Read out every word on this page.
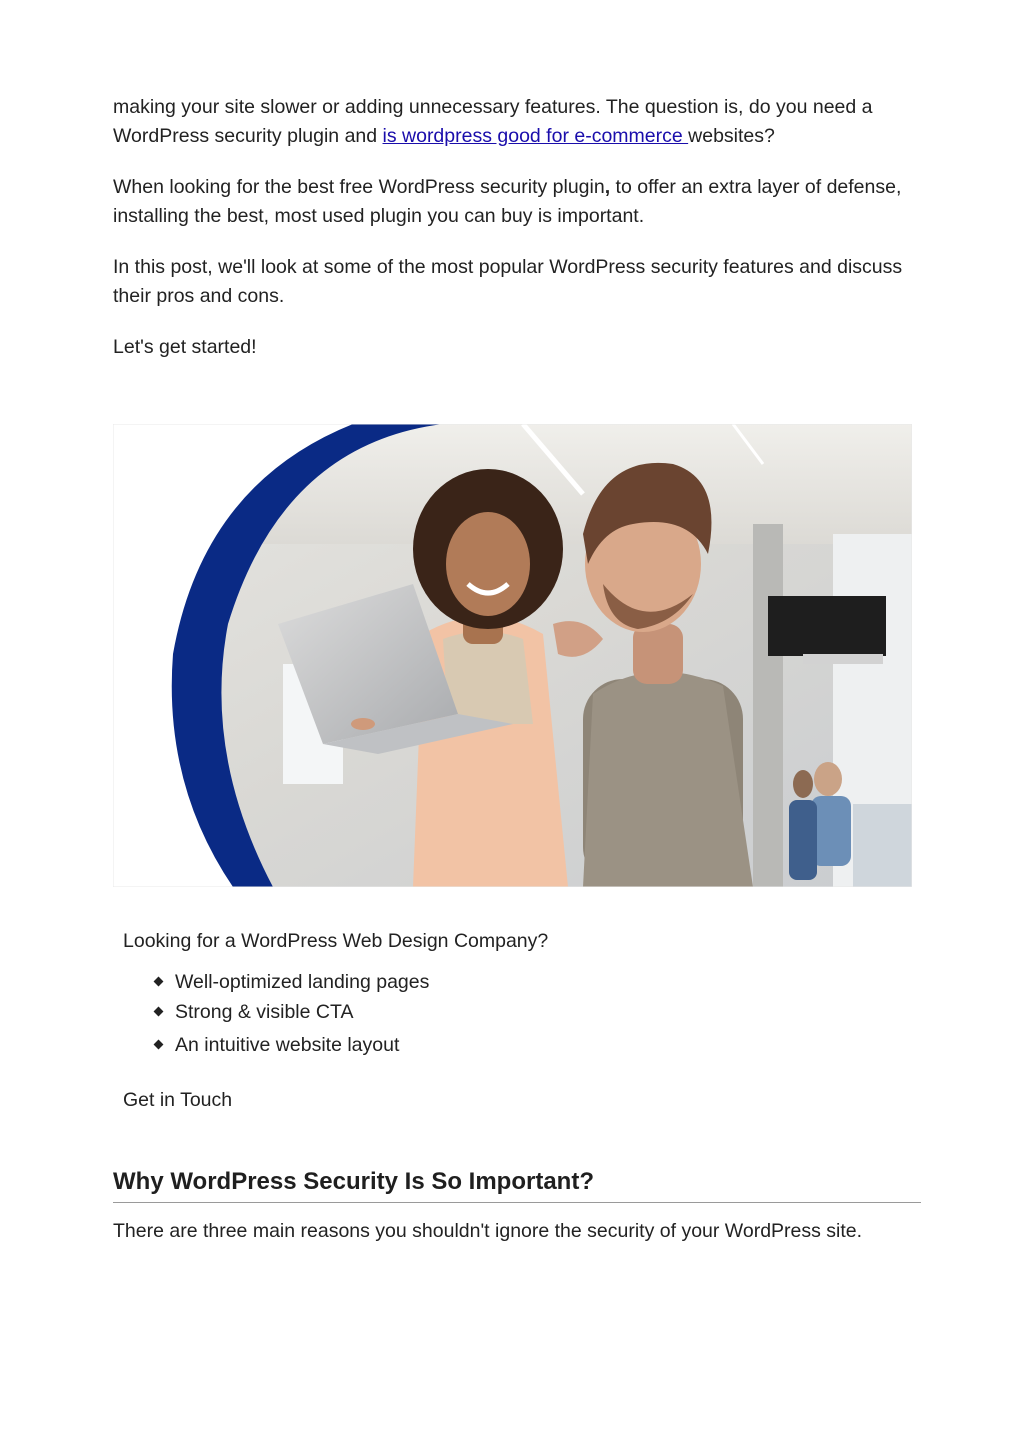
making your site slower or adding unnecessary features. The question is, do you need a WordPress security plugin and is wordpress good for e-commerce websites?

When looking for the best free WordPress security plugin, to offer an extra layer of defense, installing the best, most used plugin you can buy is important.

In this post, we'll look at some of the most popular WordPress security features and discuss their pros and cons.

Let's get started!

Looking for a WordPress Web Design Company?

Well-optimized landing pages
Strong & visible CTA
An intuitive website layout
Get in Touch
Why WordPress Security Is So Important?

There are three main reasons you shouldn't ignore the security of your WordPress site.
